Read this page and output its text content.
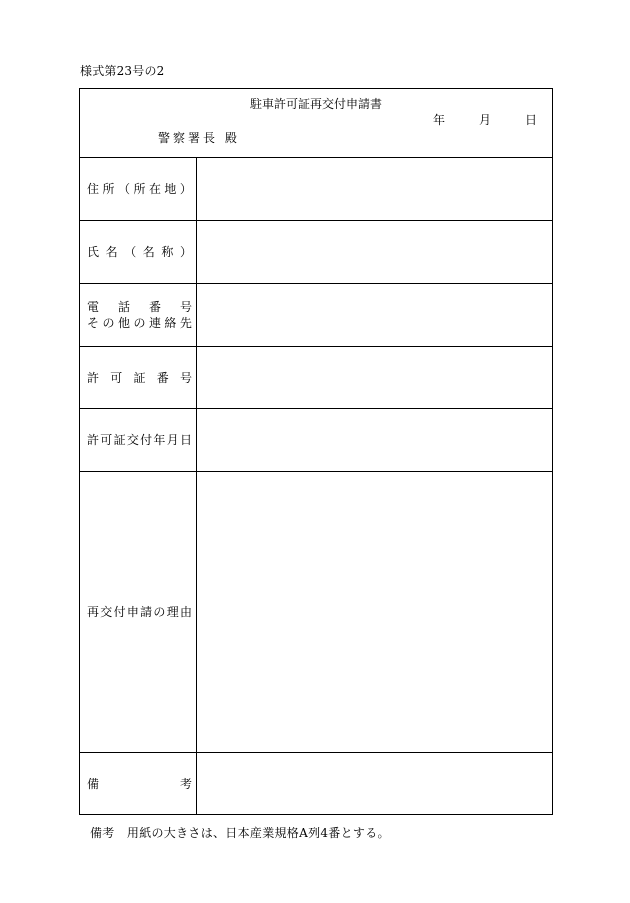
様式第23号の2
駐車許可証再交付申請書
年	月	日
警察署長 殿
住 所 （ 所 在 地 ）
氏 名 （ 名 称 ）
電 話 番 号
そ の 他 の 連 絡 先
許 可 証 番 号
許 可 証 交 付 年 月 日
再 交 付 申 請 の 理 由
備	考
備考　用紙の大きさは、日本産業規格A列4番とする。
